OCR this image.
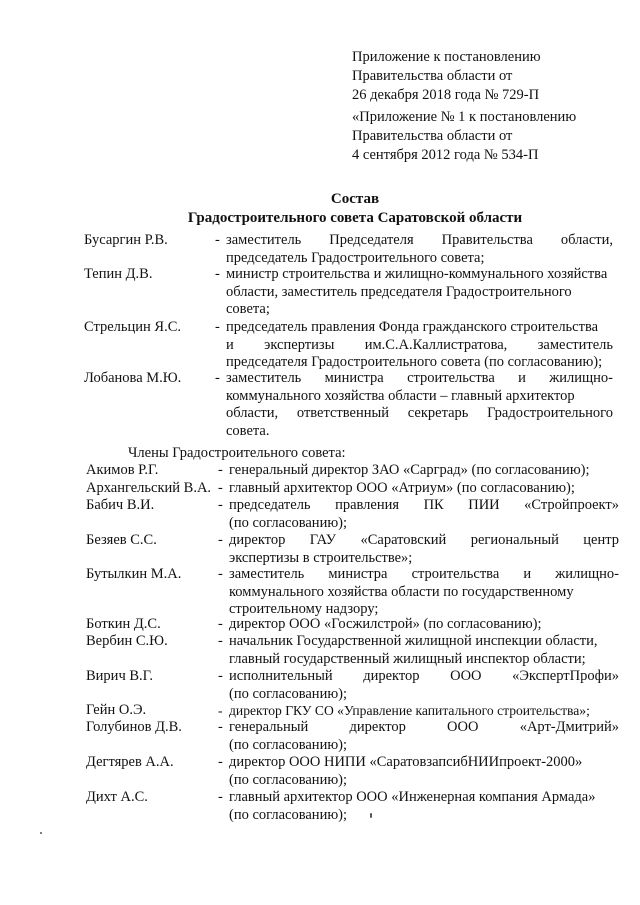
Приложение к постановлению
Правительства области от
26 декабря 2018 года № 729-П
«Приложение № 1 к постановлению
Правительства области от
4 сентября 2012 года № 534-П
Состав
Градостроительного совета Саратовской области
Бусаргин Р.В.	- заместитель Председателя Правительства области,
председатель Градостроительного совета;
Тепин Д.В.	- министр строительства и жилищно-коммунального хозяйства
области, заместитель председателя Градостроительного
совета;
Стрельцин Я.С. - председатель правления Фонда гражданского строительства
и экспертизы им.С.А.Каллистратова, заместитель
председателя Градостроительного совета (по согласованию);
Лобанова М.Ю. - заместитель министра строительства и жилищно-
коммунального хозяйства области – главный архитектор
области, ответственный секретарь Градостроительного
совета.
Члены Градостроительного совета:
Акимов Р.Г.	- генеральный директор ЗАО «Сарград» (по согласованию);
Архангельский В.А. - главный архитектор ООО «Атриум» (по согласованию);
Бабич В.И.	- председатель правления ПК ПИИ «Стройпроект»
(по согласованию);
Безяев С.С.	- директор ГАУ «Саратовский региональный центр
экспертизы в строительстве»;
Бутылкин М.А.	- заместитель министра строительства и жилищно-
коммунального хозяйства области по государственному
строительному надзору;
Боткин Д.С.	- директор ООО «Госжилстрой» (по согласованию);
Вербин С.Ю.	- начальник Государственной жилищной инспекции области,
главный государственный жилищный инспектор области;
Вирич В.Г.	- исполнительный директор ООО «ЭкспертПрофи»
(по согласованию);
Гейн О.Э.	- директор ГКУ СО «Управление капитального строительства»;
Голубинов Д.В. - генеральный директор ООО «Арт-Дмитрий»
(по согласованию);
Дегтярев А.А.	- директор ООО НИПИ «СаратовзапсибНИИпроект-2000»
(по согласованию);
Дихт А.С.	- главный архитектор ООО «Инженерная компания Армада»
(по согласованию);
